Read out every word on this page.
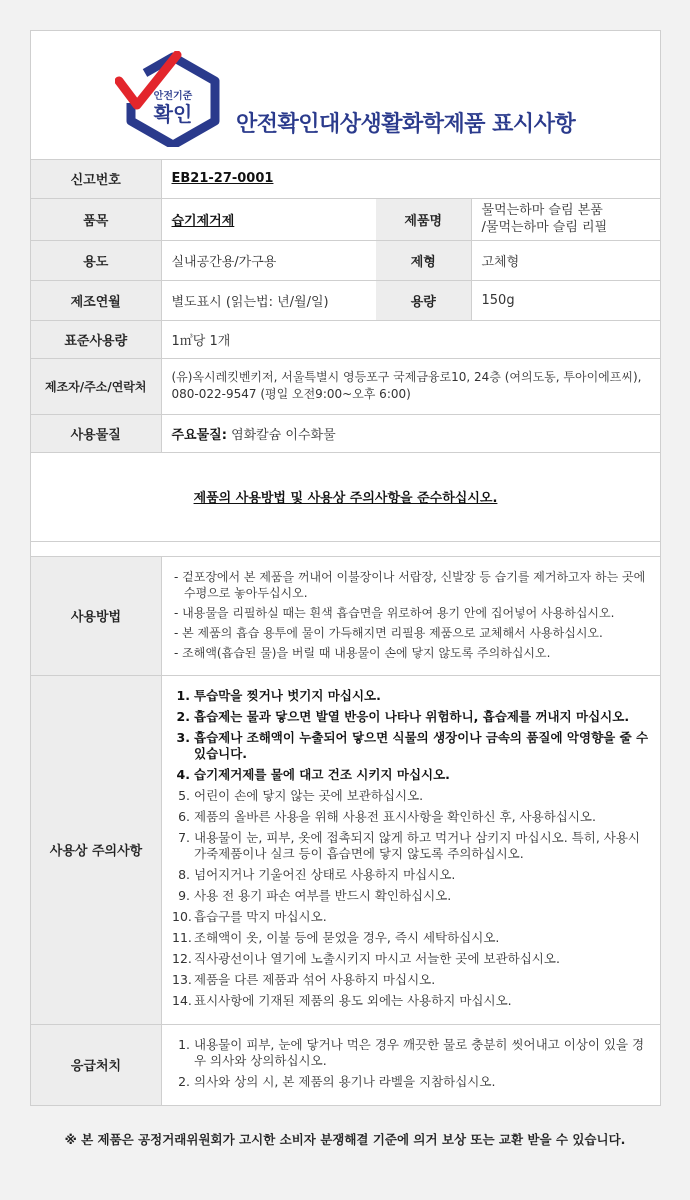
안전기준
확인 안전확인대상생활화학제품 표시사항
신고번호	EB21-27-0001		
품목	습기제거제	제품명	물먹는하마 슬림 본품
/물먹는하마 슬림 리필

용도	실내공간용/가구용	제형	고체형
제조연월	별도표시 (읽는법: 년/월/일)	용량	150g
표준사용량	1㎥당 1개		
제조자/주소/연락처	(유)옥시레킷벤키저, 서울특별시 영등포구 국제금융로10, 24층 (여의도동, 투아이에프씨),
080-022-9547 (평일 오전9:00~오후 6:00)		

사용물질	주요물질: 염화칼슘 이수화물		
제품의 사용방법 및 사용상 주의사항을 준수하십시오.
사용방법
- 겉포장에서 본 제품을 꺼내어 이불장이나 서랍장, 신발장 등 습기를 제거하고자 하는 곳에 수평으로 놓아두십시오.
- 내용물을 리필하실 때는 흰색 흡습면을 위로하여 용기 안에 집어넣어 사용하십시오.
- 본 제품의 흡습 용투에 물이 가득해지면 리필용 제품으로 교체해서 사용하십시오.
- 조해액(흡습된 물)을 버릴 때 내용물이 손에 닿지 않도록 주의하십시오.
사용상 주의사항
1. 투습막을 찢거나 벗기지 마십시오.
2. 흡습제는 물과 닿으면 발열 반응이 나타나 위험하니, 흡습제를 꺼내지 마십시오.
3. 흡습제나 조해액이 누출되어 닿으면 식물의 생장이나 금속의 품질에 악영향을 줄 수 있습니다.
4. 습기제거제를 물에 대고 건조 시키지 마십시오.
5. 어린이 손에 닿지 않는 곳에 보관하십시오.
6. 제품의 올바른 사용을 위해 사용전 표시사항을 확인하신 후, 사용하십시오.
7. 내용물이 눈, 피부, 옷에 접촉되지 않게 하고 먹거나 삼키지 마십시오. 특히, 사용시 가죽제품이나 실크 등이 흡습면에 닿지 않도록 주의하십시오.
8. 넘어지거나 기울어진 상태로 사용하지 마십시오.
9. 사용 전 용기 파손 여부를 반드시 확인하십시오.
10. 흡습구를 막지 마십시오.
11. 조해액이 옷, 이불 등에 묻었을 경우, 즉시 세탁하십시오.
12. 직사광선이나 열기에 노출시키지 마시고 서늘한 곳에 보관하십시오.
13. 제품을 다른 제품과 섞어 사용하지 마십시오.
14. 표시사항에 기재된 제품의 용도 외에는 사용하지 마십시오.
응급처치
1. 내용물이 피부, 눈에 닿거나 먹은 경우 깨끗한 물로 충분히 씻어내고 이상이 있을 경우 의사와 상의하십시오.
2. 의사와 상의 시, 본 제품의 용기나 라벨을 지참하십시오.
※ 본 제품은 공정거래위원회가 고시한 소비자 분쟁해결 기준에 의거 보상 또는 교환 받을 수 있습니다.
